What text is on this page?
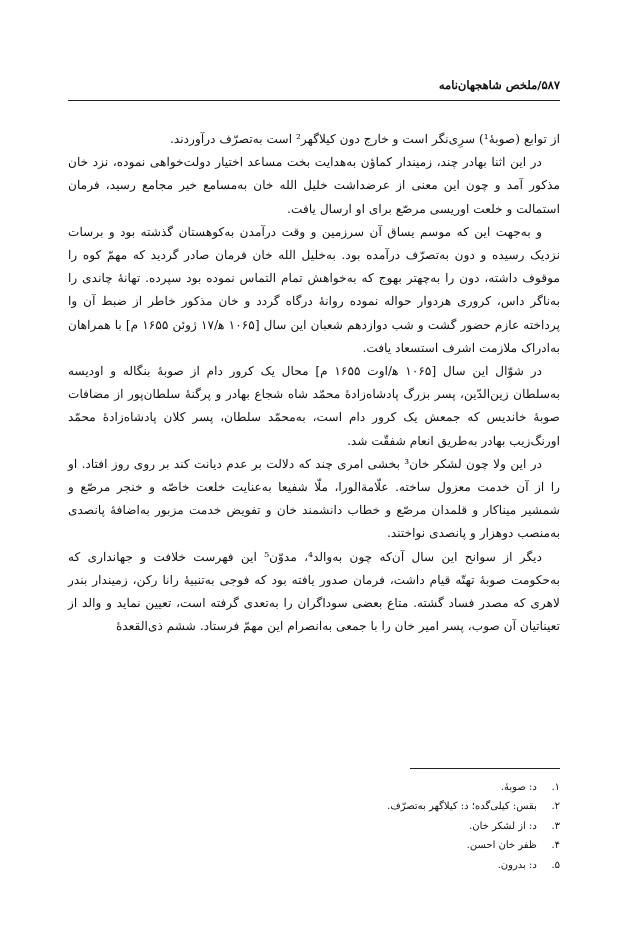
۵۸۷/ملخص شاهجهان‌نامه

از توابع (صوبهٔ¹) سرِی‌نگر است و خارج دون کیلاگهر² است به‌تصرّف درآوردند.

در این اثنا بهادر چند، زمیندار کماؤن به‌هدایت بخت مساعد اختیار دولت‌خواهی نموده، نزد خان مذکور آمد و چون این معنی از عرضداشت خلیل الله خان به‌مسامع خیر مجامع رسید، فرمان استمالت و خلعت اوریسی مرصّع برای او ارسال یافت.

و به‌جهت این که موسم یساق آن سرزمین و وقت درآمدن به‌کوهستان گذشته بود و برسات نزدیک رسیده و دون به‌تصرّف درآمده بود. به‌خلیل الله خان فرمان صادر گردید که مهمّ کوه را موقوف داشته، دون را به‌چهتر بهوج که به‌خواهش تمام التماس نموده بود سپرده. تهانهٔ چاندی را به‌ناگر داس، کروری هردوار حواله نموده روانهٔ درگاه گردد و خان مذکور خاطر از ضبط آن وا پرداخته عازم حضور گشت و شب دوازدهم شعبان این سال [۱۰۶۵ ه‍/۱۷ ژوئن ۱۶۵۵ م] با همراهان به‌ادراک ملازمت اشرف استسعاد یافت.

در شوّال این سال [۱۰۶۵ ه‍/اوت ۱۶۵۵ م] محال یک کرور دام از صوبهٔ بنگاله و اودیسه به‌سلطان زین‌الدّین، پسر بزرگ پادشاه‌زادهٔ محمّد شاه شجاع بهادر و پرگنهٔ سلطان‌پور از مضافات صوبهٔ خاندیس که جمعش یک کرور دام است، به‌محمّد سلطان، پسر کلان پادشاه‌زادهٔ محمّد اورنگ‌زیب بهادر به‌طریق انعام شفقّت شد.

در این ولا چون لشکر خان³ بخشی امری چند که دلالت بر عدم دیانت کند بر روی روز افتاد. او را از آن خدمت معزول ساخته. علّامةالورا، ملّا شفیعا به‌عنایت خلعت خاصّه و خنجر مرصّع و شمشیر میناکار و قلمدان مرصّع و خطاب دانشمند خان و تفویض خدمت مزبور به‌اضافهٔ پانصدی به‌منصب دوهزار و پانصدی نواختند.

دیگر از سوانح این سال آن‌که چون به‌والد⁴، مدوّن⁵ این فهرست خلافت و جهانداری که به‌حکومت صوبهٔ تهتّه قیام داشت، فرمان صدور یافته بود که فوجی به‌تنبیهٔ رانا رکن، زمیندار بندر لاهری که مصدر فساد گشته. متاع بعضی سوداگران را به‌تعدی گرفته است، تعیین نماید و والد از تعیناتیان آن صوب، پسر امیر خان را با جمعی به‌انصرام این مهمّ فرستاد. ششم ذی‌القعدهٔ

۱. د: صوبهٔ.
۲. بقس: کیلی‌گده؛ د: کیلاگهر به‌تصرّف.
۳. د: از لشکر خان.
۴. ظفر خان احسن.
۵. د: بدرون.
